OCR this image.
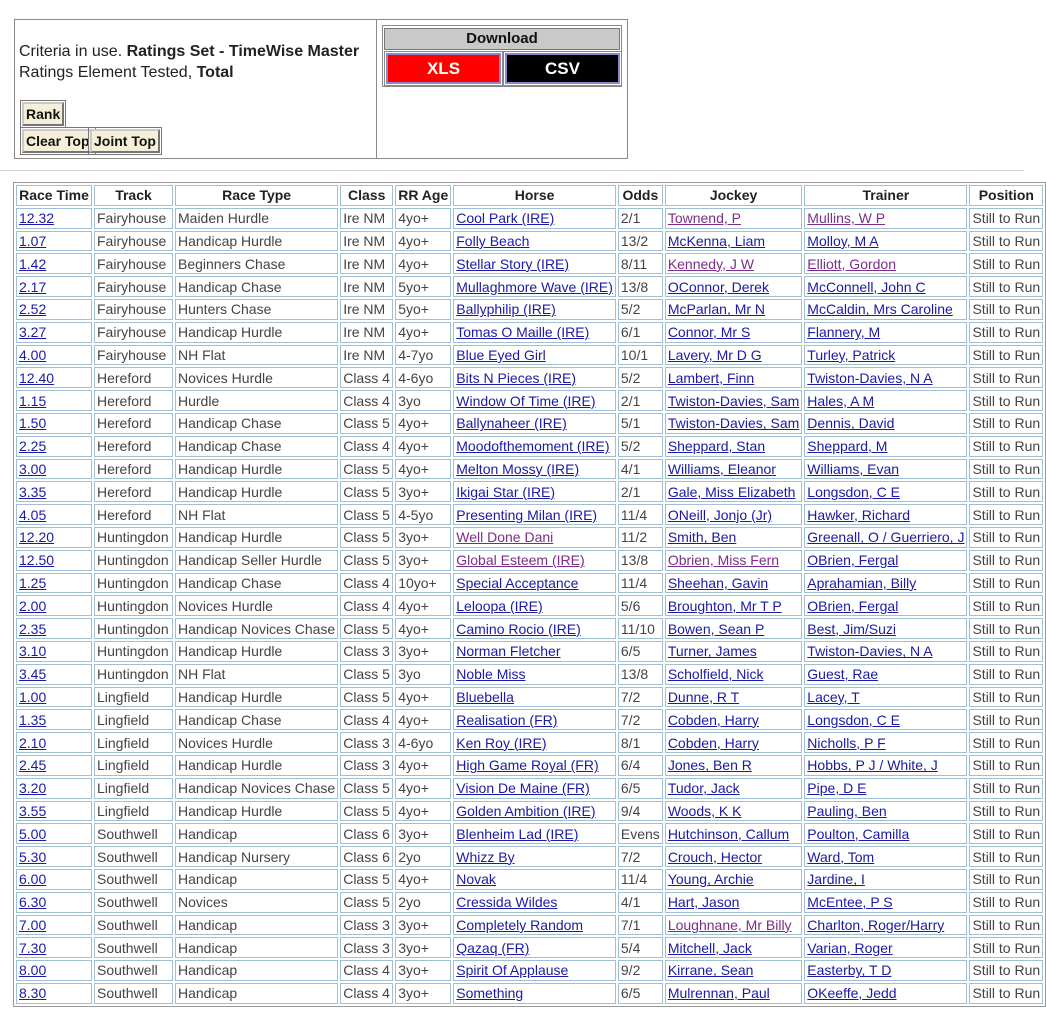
Criteria in use. Ratings Set - TimeWise Master
Ratings Element Tested, Total
Rank
Clear Top Joint Top
Download
XLS	CSV
Race Time	Track	Race Type	Class	RR Age	Horse	Odds	Jockey	Trainer	Position
12.32	Fairyhouse	Maiden Hurdle	Ire NM	4yo+	Cool Park (IRE)	2/1	Townend, P	Mullins, W P	Still to Run
1.07	Fairyhouse	Handicap Hurdle	Ire NM	4yo+	Folly Beach	13/2	McKenna, Liam	Molloy, M A	Still to Run
1.42	Fairyhouse	Beginners Chase	Ire NM	4yo+	Stellar Story (IRE)	8/11	Kennedy, J W	Elliott, Gordon	Still to Run
2.17	Fairyhouse	Handicap Chase	Ire NM	5yo+	Mullaghmore Wave (IRE)	13/8	OConnor, Derek	McConnell, John C	Still to Run
2.52	Fairyhouse	Hunters Chase	Ire NM	5yo+	Ballyphilip (IRE)	5/2	McParlan, Mr N	McCaldin, Mrs Caroline	Still to Run
3.27	Fairyhouse	Handicap Hurdle	Ire NM	4yo+	Tomas O Maille (IRE)	6/1	Connor, Mr S	Flannery, M	Still to Run
4.00	Fairyhouse	NH Flat	Ire NM	4-7yo	Blue Eyed Girl	10/1	Lavery, Mr D G	Turley, Patrick	Still to Run
12.40	Hereford	Novices Hurdle	Class 4	4-6yo	Bits N Pieces (IRE)	5/2	Lambert, Finn	Twiston-Davies, N A	Still to Run
1.15	Hereford	Hurdle	Class 4	3yo	Window Of Time (IRE)	2/1	Twiston-Davies, Sam	Hales, A M	Still to Run
1.50	Hereford	Handicap Chase	Class 5	4yo+	Ballynaheer (IRE)	5/1	Twiston-Davies, Sam	Dennis, David	Still to Run
2.25	Hereford	Handicap Chase	Class 4	4yo+	Moodofthemoment (IRE)	5/2	Sheppard, Stan	Sheppard, M	Still to Run
3.00	Hereford	Handicap Hurdle	Class 5	4yo+	Melton Mossy (IRE)	4/1	Williams, Eleanor	Williams, Evan	Still to Run
3.35	Hereford	Handicap Hurdle	Class 5	3yo+	Ikigai Star (IRE)	2/1	Gale, Miss Elizabeth	Longsdon, C E	Still to Run
4.05	Hereford	NH Flat	Class 5	4-5yo	Presenting Milan (IRE)	11/4	ONeill, Jonjo (Jr)	Hawker, Richard	Still to Run
12.20	Huntingdon	Handicap Hurdle	Class 5	3yo+	Well Done Dani	11/2	Smith, Ben	Greenall, O / Guerriero, J	Still to Run
12.50	Huntingdon	Handicap Seller Hurdle	Class 5	3yo+	Global Esteem (IRE)	13/8	Obrien, Miss Fern	OBrien, Fergal	Still to Run
1.25	Huntingdon	Handicap Chase	Class 4	10yo+	Special Acceptance	11/4	Sheehan, Gavin	Aprahamian, Billy	Still to Run
2.00	Huntingdon	Novices Hurdle	Class 4	4yo+	Leloopa (IRE)	5/6	Broughton, Mr T P	OBrien, Fergal	Still to Run
2.35	Huntingdon	Handicap Novices Chase	Class 5	4yo+	Camino Rocio (IRE)	11/10	Bowen, Sean P	Best, Jim/Suzi	Still to Run
3.10	Huntingdon	Handicap Hurdle	Class 3	3yo+	Norman Fletcher	6/5	Turner, James	Twiston-Davies, N A	Still to Run
3.45	Huntingdon	NH Flat	Class 5	3yo	Noble Miss	13/8	Scholfield, Nick	Guest, Rae	Still to Run
1.00	Lingfield	Handicap Hurdle	Class 5	4yo+	Bluebella	7/2	Dunne, R T	Lacey, T	Still to Run
1.35	Lingfield	Handicap Chase	Class 4	4yo+	Realisation (FR)	7/2	Cobden, Harry	Longsdon, C E	Still to Run
2.10	Lingfield	Novices Hurdle	Class 3	4-6yo	Ken Roy (IRE)	8/1	Cobden, Harry	Nicholls, P F	Still to Run
2.45	Lingfield	Handicap Hurdle	Class 3	4yo+	High Game Royal (FR)	6/4	Jones, Ben R	Hobbs, P J / White, J	Still to Run
3.20	Lingfield	Handicap Novices Chase	Class 5	4yo+	Vision De Maine (FR)	6/5	Tudor, Jack	Pipe, D E	Still to Run
3.55	Lingfield	Handicap Hurdle	Class 5	4yo+	Golden Ambition (IRE)	9/4	Woods, K K	Pauling, Ben	Still to Run
5.00	Southwell	Handicap	Class 6	3yo+	Blenheim Lad (IRE)	Evens	Hutchinson, Callum	Poulton, Camilla	Still to Run
5.30	Southwell	Handicap Nursery	Class 6	2yo	Whizz By	7/2	Crouch, Hector	Ward, Tom	Still to Run
6.00	Southwell	Handicap	Class 5	4yo+	Novak	11/4	Young, Archie	Jardine, I	Still to Run
6.30	Southwell	Novices	Class 5	2yo	Cressida Wildes	4/1	Hart, Jason	McEntee, P S	Still to Run
7.00	Southwell	Handicap	Class 3	3yo+	Completely Random	7/1	Loughnane, Mr Billy	Charlton, Roger/Harry	Still to Run
7.30	Southwell	Handicap	Class 3	3yo+	Qazaq (FR)	5/4	Mitchell, Jack	Varian, Roger	Still to Run
8.00	Southwell	Handicap	Class 4	3yo+	Spirit Of Applause	9/2	Kirrane, Sean	Easterby, T D	Still to Run
8.30	Southwell	Handicap	Class 4	3yo+	Something	6/5	Mulrennan, Paul	OKeeffe, Jedd	Still to Run
